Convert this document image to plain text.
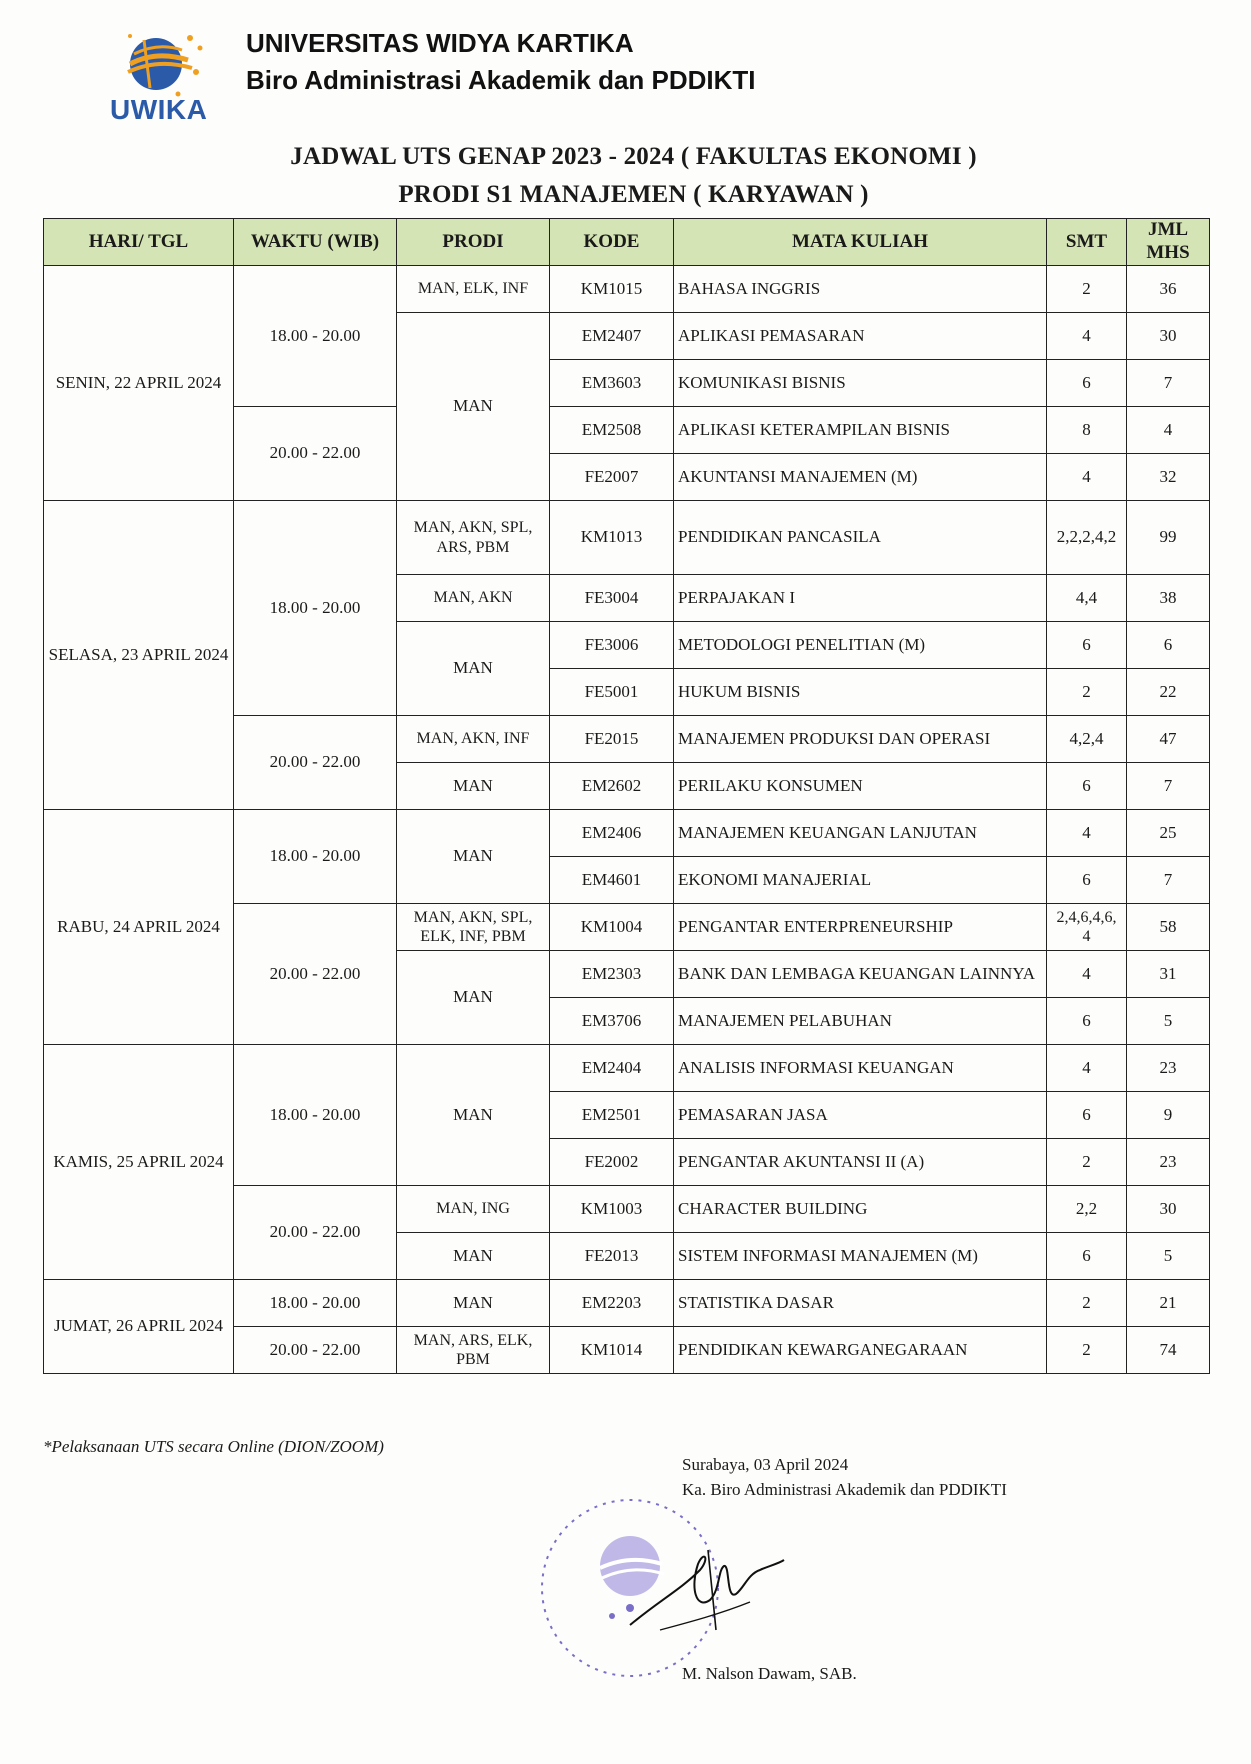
UWIKA
UNIVERSITAS WIDYA KARTIKA
Biro Administrasi Akademik dan PDDIKTI
JADWAL UTS GENAP 2023 - 2024 ( FAKULTAS EKONOMI )
PRODI S1 MANAJEMEN ( KARYAWAN )
HARI/ TGL	WAKTU (WIB)	PRODI	KODE	MATA KULIAH	SMT	JML MHS
SENIN, 22 APRIL 2024	18.00 - 20.00	MAN, ELK, INF	KM1015	BAHASA INGGRIS	2	36
		MAN	EM2407	APLIKASI PEMASARAN	4	30
			EM3603	KOMUNIKASI BISNIS	6	7
	20.00 - 22.00		EM2508	APLIKASI KETERAMPILAN BISNIS	8	4
			FE2007	AKUNTANSI MANAJEMEN (M)	4	32
SELASA, 23 APRIL 2024	18.00 - 20.00	MAN, AKN, SPL, ARS, PBM	KM1013	PENDIDIKAN PANCASILA	2,2,2,4,2	99
		MAN, AKN	FE3004	PERPAJAKAN I	4,4	38
		MAN	FE3006	METODOLOGI PENELITIAN (M)	6	6
			FE5001	HUKUM BISNIS	2	22
	20.00 - 22.00	MAN, AKN, INF	FE2015	MANAJEMEN PRODUKSI DAN OPERASI	4,2,4	47
		MAN	EM2602	PERILAKU KONSUMEN	6	7
RABU, 24 APRIL 2024	18.00 - 20.00	MAN	EM2406	MANAJEMEN KEUANGAN LANJUTAN	4	25
			EM4601	EKONOMI MANAJERIAL	6	7
	20.00 - 22.00	MAN, AKN, SPL, ELK, INF, PBM	KM1004	PENGANTAR ENTERPRENEURSHIP	2,4,6,4,6, 4	58
		MAN	EM2303	BANK DAN LEMBAGA KEUANGAN LAINNYA	4	31
			EM3706	MANAJEMEN PELABUHAN	6	5
KAMIS, 25 APRIL 2024	18.00 - 20.00	MAN	EM2404	ANALISIS INFORMASI KEUANGAN	4	23
			EM2501	PEMASARAN JASA	6	9
			FE2002	PENGANTAR AKUNTANSI II (A)	2	23
	20.00 - 22.00	MAN, ING	KM1003	CHARACTER BUILDING	2,2	30
		MAN	FE2013	SISTEM INFORMASI MANAJEMEN (M)	6	5
JUMAT, 26 APRIL 2024	18.00 - 20.00	MAN	EM2203	STATISTIKA DASAR	2	21
	20.00 - 22.00	MAN, ARS, ELK, PBM	KM1014	PENDIDIKAN KEWARGANEGARAAN	2	74
*Pelaksanaan UTS secara Online (DION/ZOOM)
Surabaya, 03 April 2024
Ka. Biro Administrasi Akademik dan PDDIKTI
M. Nalson Dawam, SAB.
